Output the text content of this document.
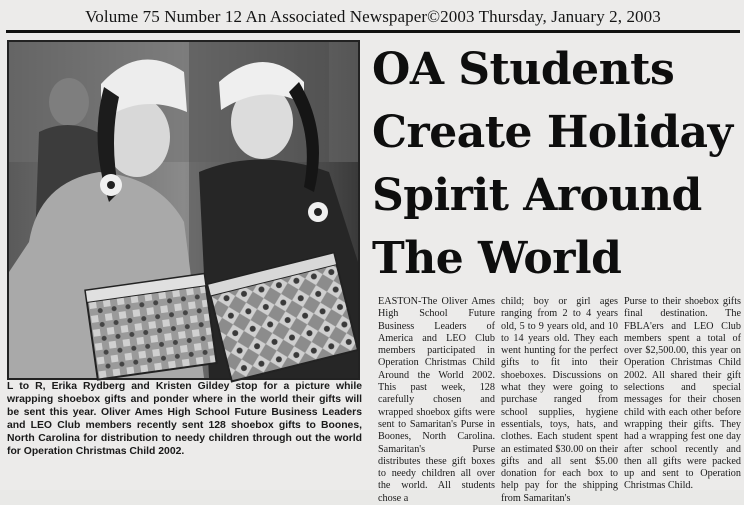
Volume 75 Number 12 An Associated Newspaper©2003 Thursday, January 2, 2003
L to R, Erika Rydberg and Kristen Gildey stop for a picture while wrapping shoebox gifts and ponder where in the world their gifts will be sent this year. Oliver Ames High School Future Business Leaders and LEO Club members recently sent 128 shoebox gifts to Boones, North Carolina for distribution to needy children through out the world for Operation Christmas Child 2002.
OA Students
Create Holiday
Spirit Around
The World

EASTON-The Oliver Ames High School Future Business Leaders of America and LEO Club members participated in Operation Christmas Child Around the World 2002. This past week, 128 carefully chosen and wrapped shoebox gifts were sent to Samaritan's Purse in Boones, North Carolina. Samaritan's Purse distributes these gift boxes to needy children all over the world. All students chose a

child; boy or girl ages ranging from 2 to 4 years old, 5 to 9 years old, and 10 to 14 years old. They each went hunting for the perfect gifts to fit into their shoeboxes. Discussions on what they were going to purchase ranged from school supplies, hygiene essentials, toys, hats, and clothes. Each student spent an estimated $30.00 on their gifts and all sent $5.00 donation for each box to help pay for the shipping from Samaritan's

Purse to their shoebox gifts final destination. The FBLA'ers and LEO Club members spent a total of over $2,500.00, this year on Operation Christmas Child 2002. All shared their gift selections and special messages for their chosen child with each other before wrapping their gifts. They had a wrapping fest one day after school recently and then all gifts were packed up and sent to Operation Christmas Child.
